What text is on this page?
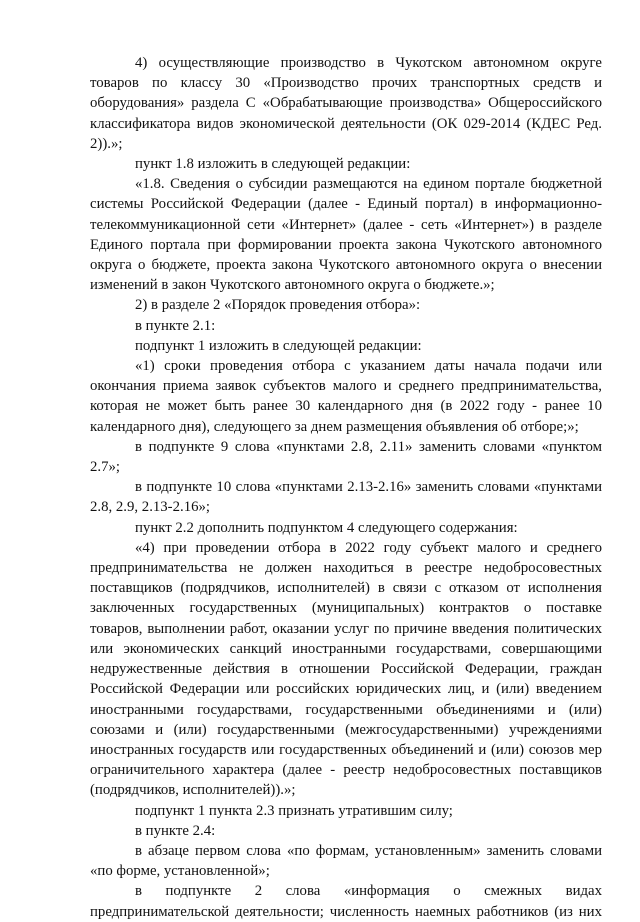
4) осуществляющие производство в Чукотском автономном округе товаров по классу 30 «Производство прочих транспортных средств и оборудования» раздела С «Обрабатывающие производства» Общероссийского классификатора видов экономической деятельности (ОК 029-2014 (КДЕС Ред. 2)).»;

пункт 1.8 изложить в следующей редакции:

«1.8. Сведения о субсидии размещаются на едином портале бюджетной системы Российской Федерации (далее - Единый портал) в информационно-телекоммуникационной сети «Интернет» (далее - сеть «Интернет») в разделе Единого портала при формировании проекта закона Чукотского автономного округа о бюджете, проекта закона Чукотского автономного округа о внесении изменений в закон Чукотского автономного округа о бюджете.»;

2) в разделе 2 «Порядок проведения отбора»:

в пункте 2.1:

подпункт 1 изложить в следующей редакции:

«1) сроки проведения отбора с указанием даты начала подачи или окончания приема заявок субъектов малого и среднего предпринимательства, которая не может быть ранее 30 календарного дня (в 2022 году - ранее 10 календарного дня), следующего за днем размещения объявления об отборе;»;

в подпункте 9 слова «пунктами 2.8, 2.11» заменить словами «пунктом 2.7»;

в подпункте 10 слова «пунктами 2.13-2.16» заменить словами «пунктами 2.8, 2.9, 2.13-2.16»;

пункт 2.2 дополнить подпунктом 4 следующего содержания:

«4) при проведении отбора в 2022 году субъект малого и среднего предпринимательства не должен находиться в реестре недобросовестных поставщиков (подрядчиков, исполнителей) в связи с отказом от исполнения заключенных государственных (муниципальных) контрактов о поставке товаров, выполнении работ, оказании услуг по причине введения политических или экономических санкций иностранными государствами, совершающими недружественные действия в отношении Российской Федерации, граждан Российской Федерации или российских юридических лиц, и (или) введением иностранными государствами, государственными объединениями и (или) союзами и (или) государственными (межгосударственными) учреждениями иностранных государств или государственных объединений и (или) союзов мер ограничительного характера (далее - реестр недобросовестных поставщиков (подрядчиков, исполнителей)).»;

подпункт 1 пункта 2.3 признать утратившим силу;

в пункте 2.4:

в абзаце первом слова «по формам, установленным» заменить словами «по форме, установленной»;

в подпункте 2 слова «информация о смежных видах предпринимательской деятельности; численность наемных работников (из них
